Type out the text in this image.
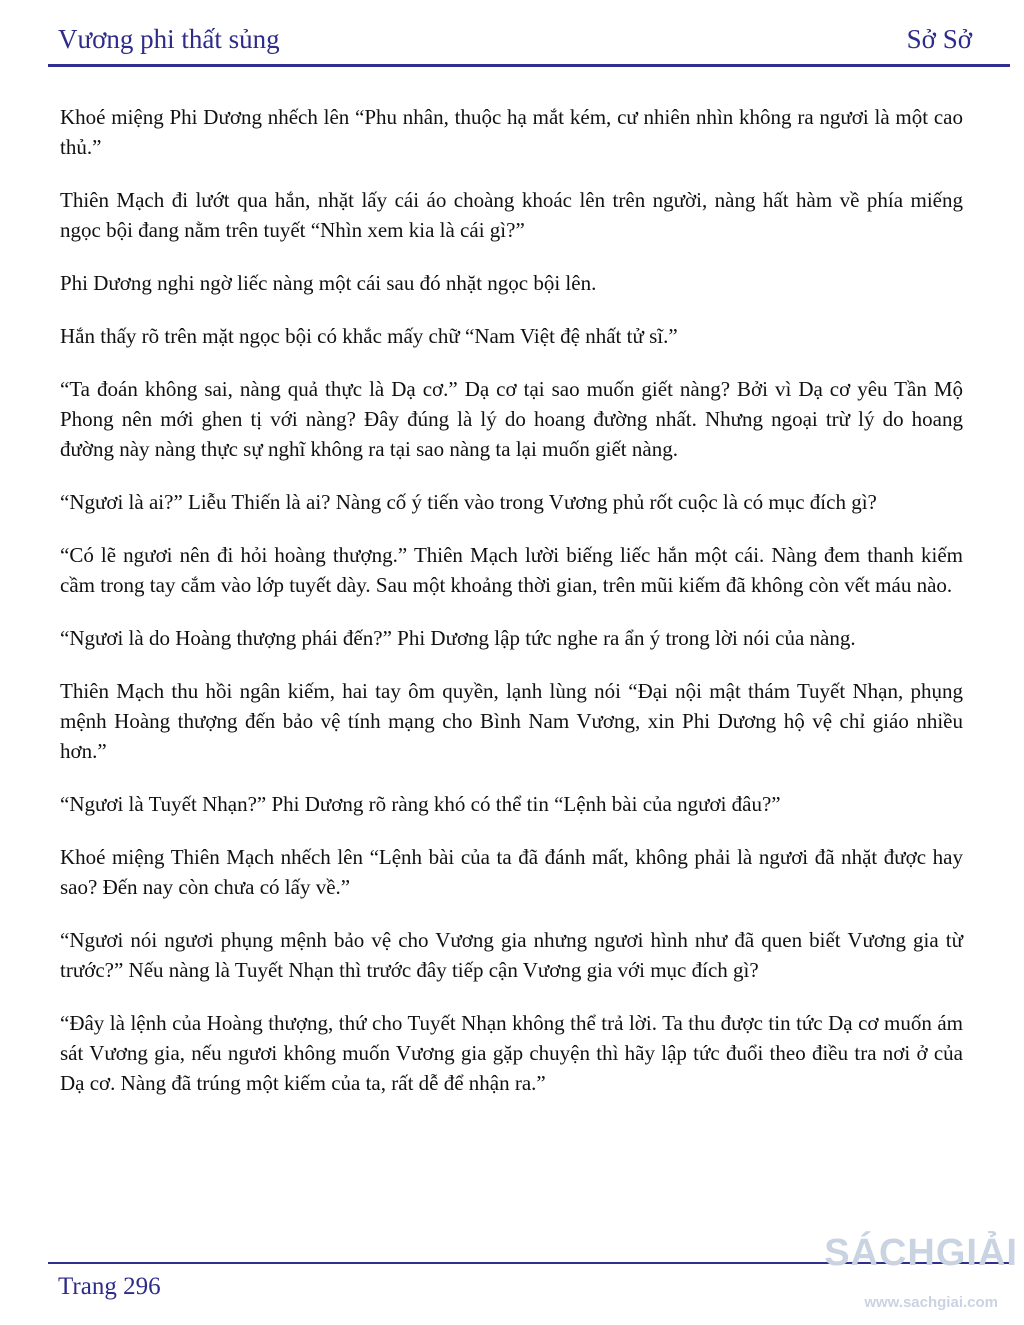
Vương phi thất sủng	Sở Sở

Khoé miệng Phi Dương nhếch lên “Phu nhân, thuộc hạ mắt kém, cư nhiên nhìn không ra ngươi là một cao thủ.”

Thiên Mạch đi lướt qua hắn, nhặt lấy cái áo choàng khoác lên trên người, nàng hất hàm về phía miếng ngọc bội đang nằm trên tuyết “Nhìn xem kia là cái gì?”

Phi Dương nghi ngờ liếc nàng một cái sau đó nhặt ngọc bội lên.

Hắn thấy rõ trên mặt ngọc bội có khắc mấy chữ “Nam Việt đệ nhất tử sĩ.”

“Ta đoán không sai, nàng quả thực là Dạ cơ.” Dạ cơ tại sao muốn giết nàng? Bởi vì Dạ cơ yêu Tần Mộ Phong nên mới ghen tị với nàng? Đây đúng là lý do hoang đường nhất. Nhưng ngoại trừ lý do hoang đường này nàng thực sự nghĩ không ra tại sao nàng ta lại muốn giết nàng.

“Ngươi là ai?” Liễu Thiến là ai? Nàng cố ý tiến vào trong Vương phủ rốt cuộc là có mục đích gì?

“Có lẽ ngươi nên đi hỏi hoàng thượng.” Thiên Mạch lười biếng liếc hắn một cái. Nàng đem thanh kiếm cầm trong tay cắm vào lớp tuyết dày. Sau một khoảng thời gian, trên mũi kiếm đã không còn vết máu nào.

“Ngươi là do Hoàng thượng phái đến?” Phi Dương lập tức nghe ra ẩn ý trong lời nói của nàng.

Thiên Mạch thu hồi ngân kiếm, hai tay ôm quyền, lạnh lùng nói “Đại nội mật thám Tuyết Nhạn, phụng mệnh Hoàng thượng đến bảo vệ tính mạng cho Bình Nam Vương, xin Phi Dương hộ vệ chỉ giáo nhiều hơn.”

“Ngươi là Tuyết Nhạn?” Phi Dương rõ ràng khó có thể tin “Lệnh bài của ngươi đâu?”

Khoé miệng Thiên Mạch nhếch lên “Lệnh bài của ta đã đánh mất, không phải là ngươi đã nhặt được hay sao? Đến nay còn chưa có lấy về.”

“Ngươi nói ngươi phụng mệnh bảo vệ cho Vương gia nhưng ngươi hình như đã quen biết Vương gia từ trước?” Nếu nàng là Tuyết Nhạn thì trước đây tiếp cận Vương gia với mục đích gì?

“Đây là lệnh của Hoàng thượng, thứ cho Tuyết Nhạn không thể trả lời. Ta thu được tin tức Dạ cơ muốn ám sát Vương gia, nếu ngươi không muốn Vương gia gặp chuyện thì hãy lập tức đuổi theo điều tra nơi ở của Dạ cơ. Nàng đã trúng một kiếm của ta, rất dễ để nhận ra.”

Trang 296
SÁCHGIẢI
www.sachgiai.com
